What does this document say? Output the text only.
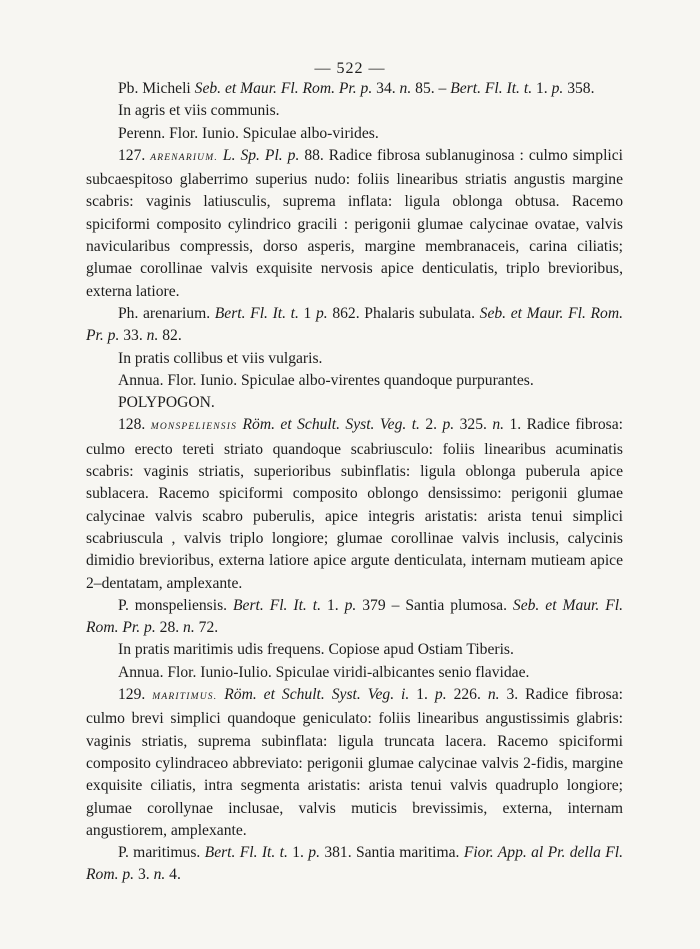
— 522 —

Pb. Micheli Seb. et Maur. Fl. Rom. Pr. p. 34. n. 85. – Bert. Fl. It. t. 1. p. 358.

In agris et viis communis.

Perenn. Flor. Iunio. Spiculae albo-virides.

127. ARENARIUM. L. Sp. Pl. p. 88. Radice fibrosa sublanuginosa : culmo simplici subcaespitoso glaberrimo superius nudo: foliis linearibus striatis angustis margine scabris: vaginis latiusculis, suprema inflata: ligula oblonga obtusa. Racemo spiciformi composito cylindrico gracili : perigonii glumae calycinae ovatae, valvis navicularibus compressis, dorso asperis, margine membranaceis, carina ciliatis; glumae corollinae valvis exquisite nervosis apice denticulatis, triplo brevioribus, externa latiore.

Ph. arenarium. Bert. Fl. It. t. 1 p. 862. Phalaris subulata. Seb. et Maur. Fl. Rom. Pr. p. 33. n. 82.

In pratis collibus et viis vulgaris.

Annua. Flor. Iunio. Spiculae albo-virentes quandoque purpurantes.

POLYPOGON.

128. MONSPELIENSIS Röm. et Schult. Syst. Veg. t. 2. p. 325. n. 1. Radice fibrosa: culmo erecto tereti striato quandoque scabriusculo: foliis linearibus acuminatis scabris: vaginis striatis, superioribus subinflatis: ligula oblonga puberula apice sublacera. Racemo spiciformi composito oblongo densissimo: perigonii glumae calycinae valvis scabro puberulis, apice integris aristatis: arista tenui simplici scabriuscula , valvis triplo longiore; glumae corollinae valvis inclusis, calycinis dimidio brevioribus, externa latiore apice argute denticulata, internam mutieam apice 2–dentatam, amplexante.

P. monspeliensis. Bert. Fl. It. t. 1. p. 379 – Santia plumosa. Seb. et Maur. Fl. Rom. Pr. p. 28. n. 72.

In pratis maritimis udis frequens. Copiose apud Ostiam Tiberis.

Annua. Flor. Iunio-Iulio. Spiculae viridi-albicantes senio flavidae.

129. MARITIMUS. Röm. et Schult. Syst. Veg. i. 1. p. 226. n. 3. Radice fibrosa: culmo brevi simplici quandoque geniculato: foliis linearibus angustissimis glabris: vaginis striatis, suprema subinflata: ligula truncata lacera. Racemo spiciformi composito cylindraceo abbreviato: perigonii glumae calycinae valvis 2-fidis, margine exquisite ciliatis, intra segmenta aristatis: arista tenui valvis quadruplo longiore; glumae corollynae inclusae, valvis muticis brevissimis, externa, internam angustiorem, amplexante.

P. maritimus. Bert. Fl. It. t. 1. p. 381. Santia maritima. Fior. App. al Pr. della Fl. Rom. p. 3. n. 4.
